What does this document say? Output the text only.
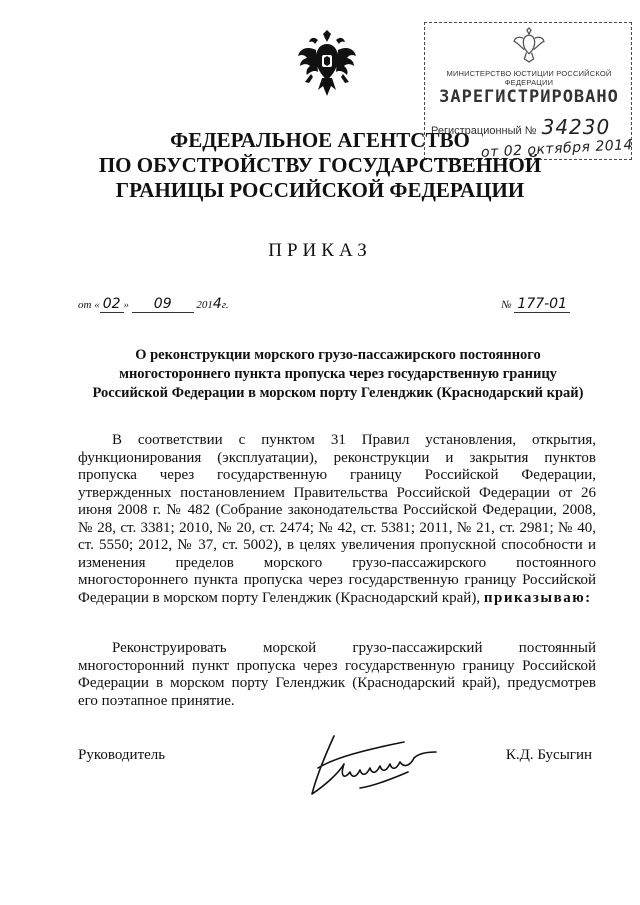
МИНИСТЕРСТВО ЮСТИЦИИ РОССИЙСКОЙ ФЕДЕРАЦИИ
ЗАРЕГИСТРИРОВАНО
Регистрационный № 34230
от 02 октября 2014
ФЕДЕРАЛЬНОЕ АГЕНТСТВО
ПО ОБУСТРОЙСТВУ ГОСУДАРСТВЕННОЙ
ГРАНИЦЫ РОССИЙСКОЙ ФЕДЕРАЦИИ
ПРИКАЗ
от « 02 » 09 2014г.	№ 177-01
О реконструкции морского грузо-пассажирского постоянного
многостороннего пункта пропуска через государственную границу
Российской Федерации в морском порту Геленджик (Краснодарский край)
В соответствии с пунктом 31 Правил установления, открытия, функционирования (эксплуатации), реконструкции и закрытия пунктов пропуска через государственную границу Российской Федерации, утвержденных постановлением Правительства Российской Федерации от 26 июня 2008 г. № 482 (Собрание законодательства Российской Федерации, 2008, № 28, ст. 3381; 2010, № 20, ст. 2474; № 42, ст. 5381; 2011, № 21, ст. 2981; № 40, ст. 5550; 2012, № 37, ст. 5002), в целях увеличения пропускной способности и изменения пределов морского грузо-пассажирского постоянного многостороннего пункта пропуска через государственную границу Российской Федерации в морском порту Геленджик (Краснодарский край), приказываю:
Реконструировать морской грузо-пассажирский постоянный многосторонний пункт пропуска через государственную границу Российской Федерации в морском порту Геленджик (Краснодарский край), предусмотрев его поэтапное принятие.
Руководитель	К.Д. Бусыгин
